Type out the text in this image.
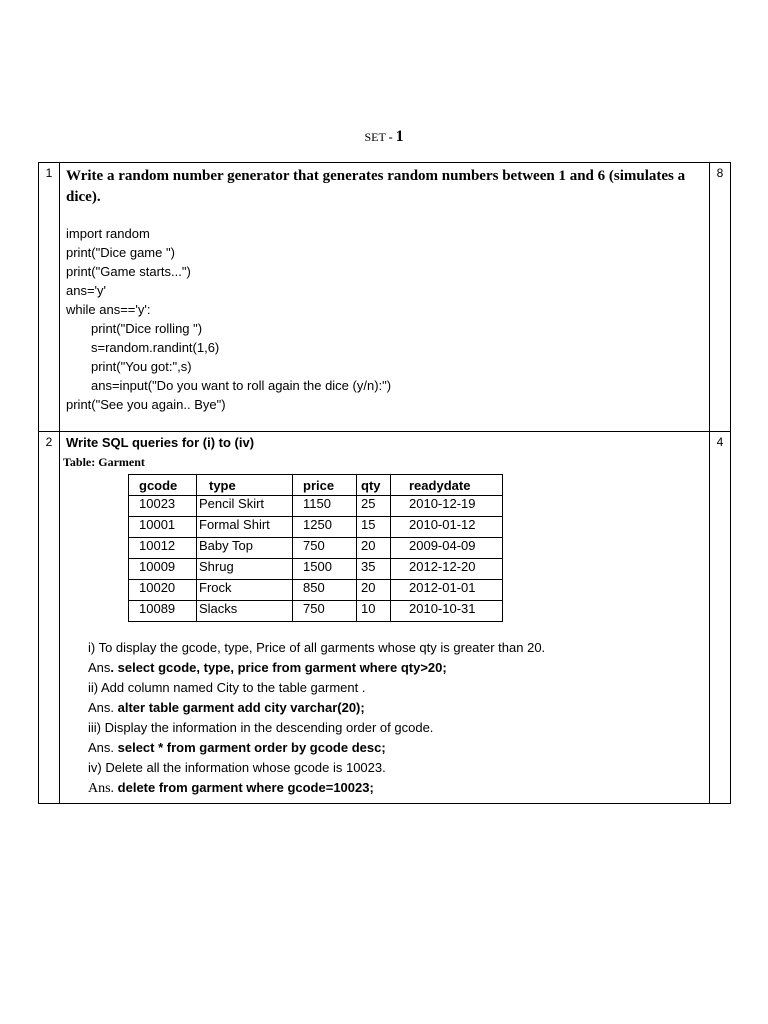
SET - 1
1	Write a random number generator that generates random numbers between 1 and 6 (simulates a dice).
import random
print("Dice game ")
print("Game starts...")
ans='y'
while ans=='y':
print("Dice rolling ")
s=random.randint(1,6)
print("You got:",s)
ans=input("Do you want to roll again the dice (y/n):")
print("See you again.. Bye")
	8
2	Write SQL queries for (i) to (iv)
Table: Garment
gcode	type	price	qty	readydate
10023	Pencil Skirt	1150	25	2010-12-19
10001	Formal Shirt	1250	15	2010-01-12
10012	Baby Top	750	20	2009-04-09
10009	Shrug	1500	35	2012-12-20
10020	Frock	850	20	2012-01-01
10089	Slacks	750	10	2010-10-31
i) To display the gcode, type, Price of all garments whose qty is greater than 20.
Ans. select gcode, type, price from garment where qty>20;
ii) Add column named City to the table garment .
Ans. alter table garment add city varchar(20);
iii) Display the information in the descending order of gcode.
Ans. select * from garment order by gcode desc;
iv) Delete all the information whose gcode is 10023.
Ans. delete from garment where gcode=10023;
	4
